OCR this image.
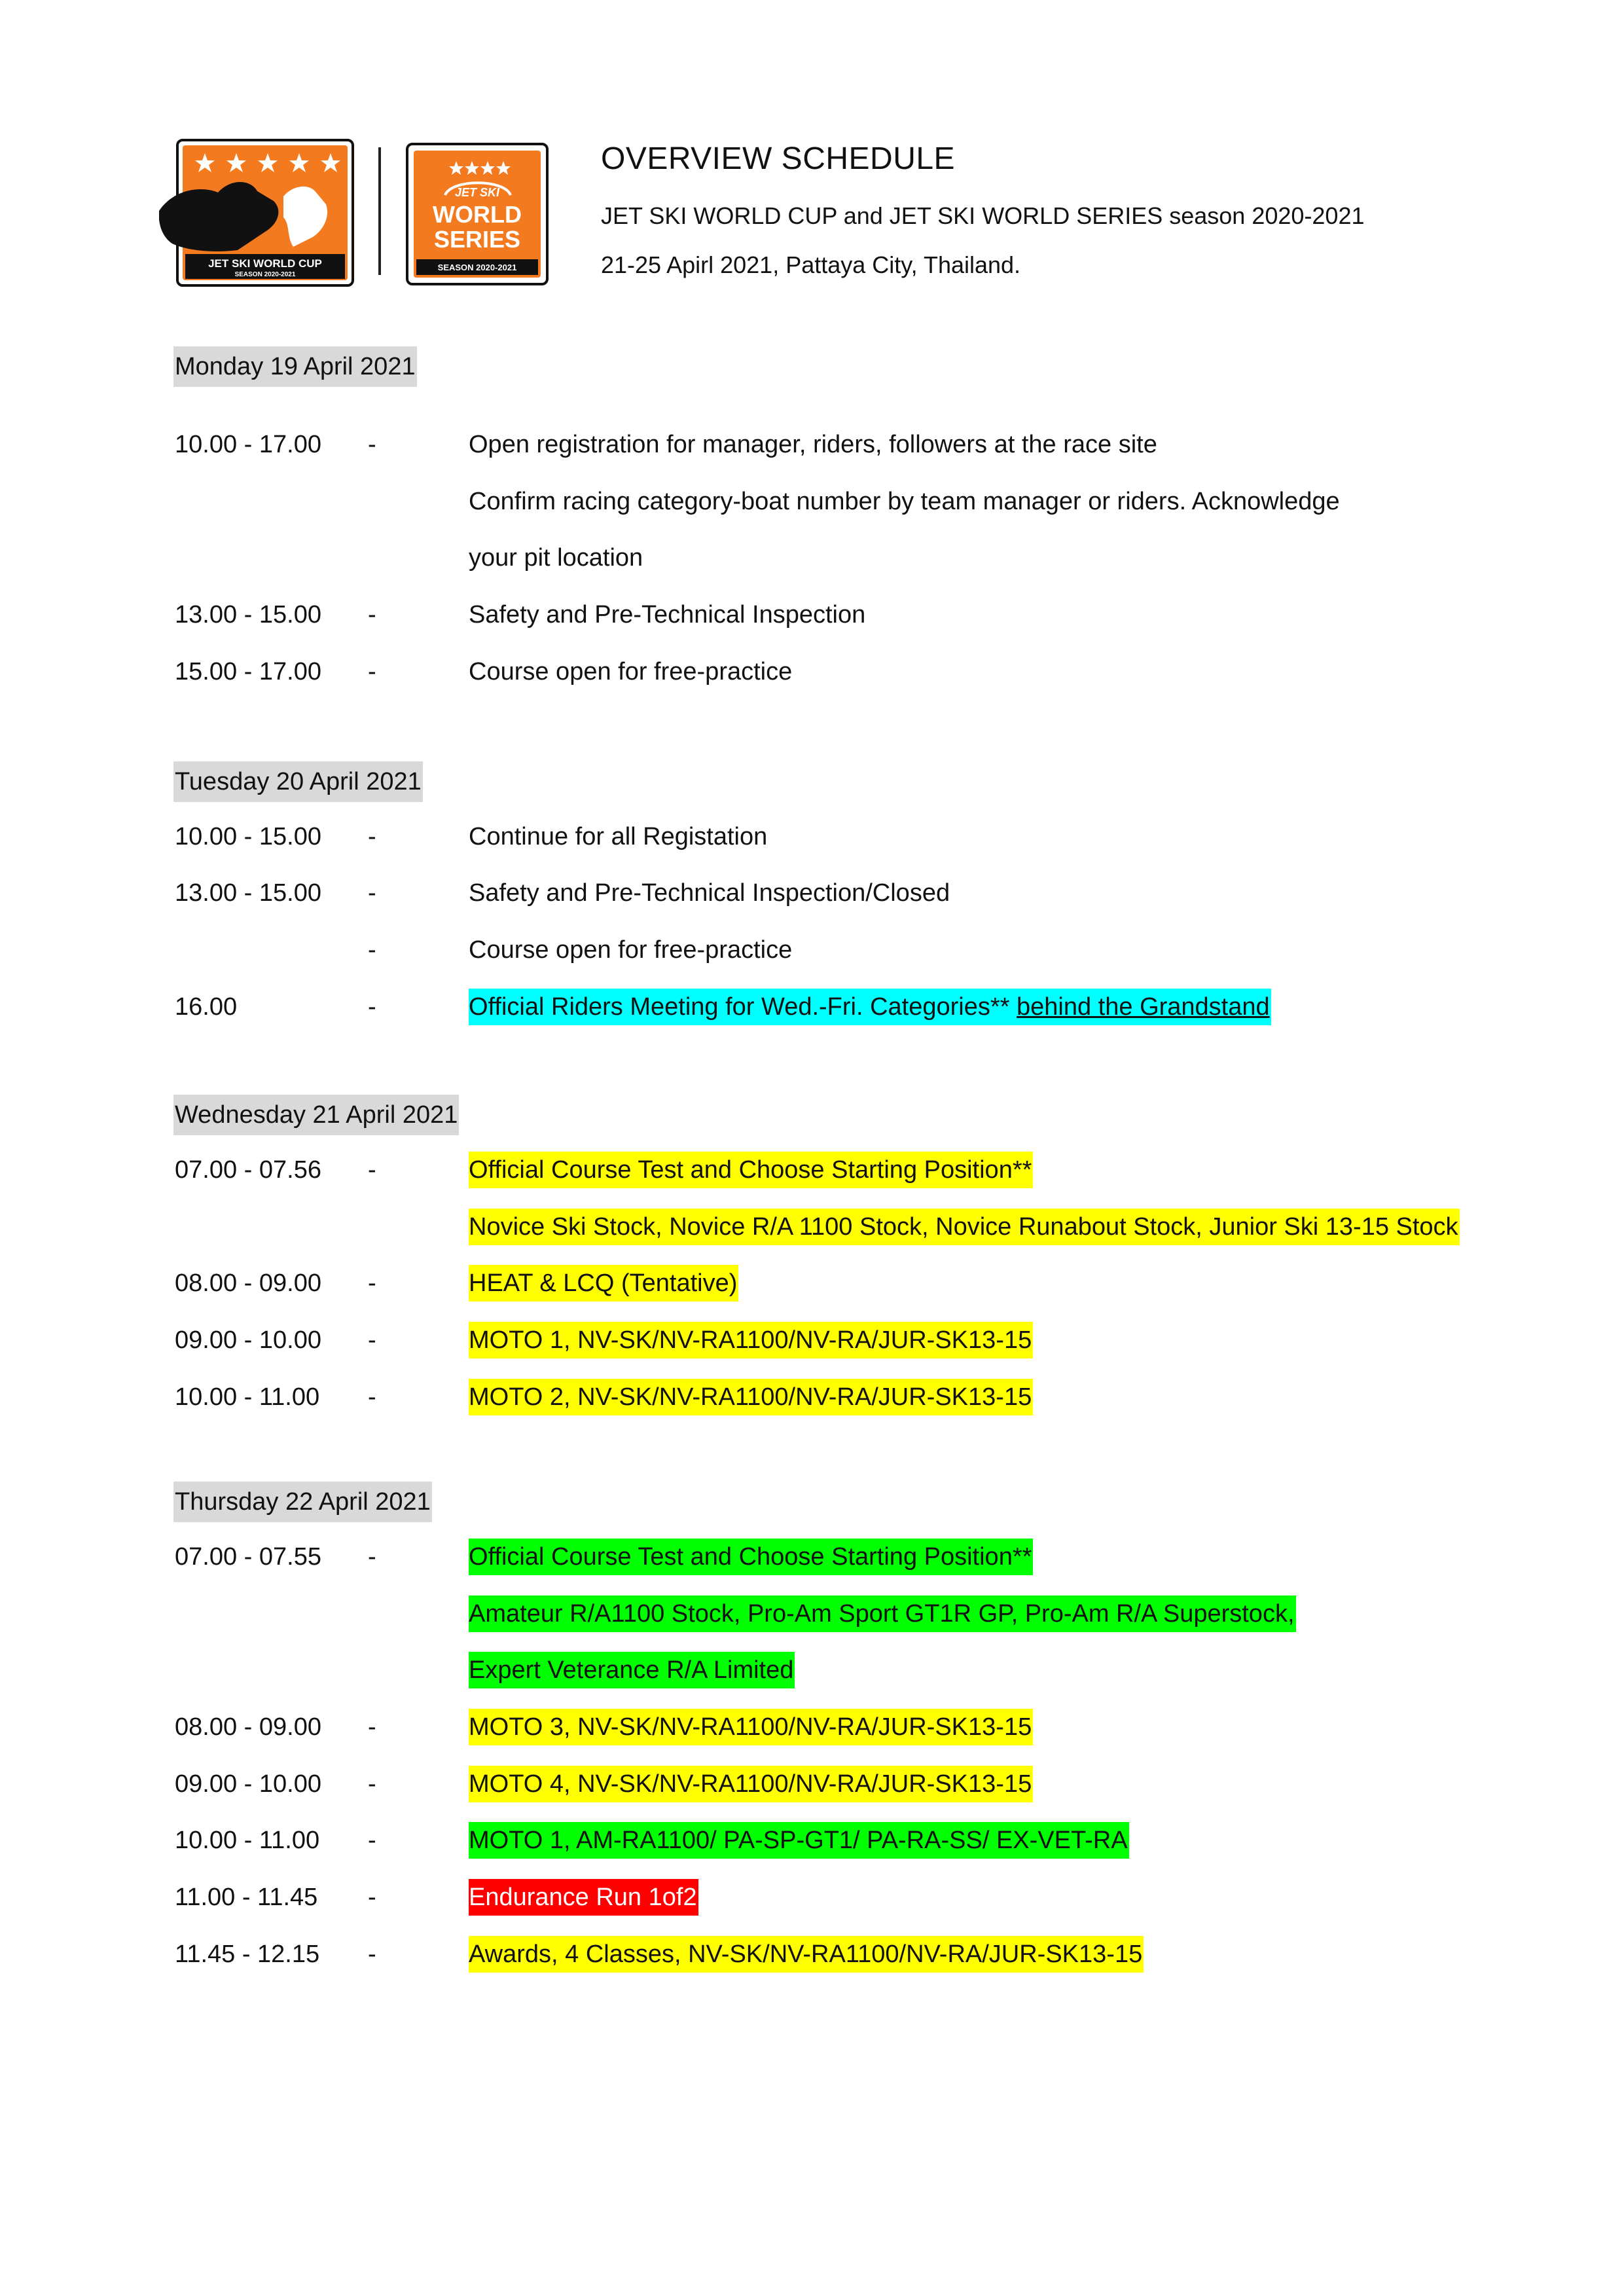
JET SKI WORLD CUP
SEASON 2020-2021
JET SKI
WORLD
SERIES
SEASON 2020-2021
OVERVIEW SCHEDULE
JET SKI WORLD CUP and JET SKI WORLD SERIES season 2020-2021
21-25 Apirl 2021, Pattaya City, Thailand.
Monday 19 April 2021
10.00 - 17.00 -	Open registration for manager, riders, followers at the race site
Confirm racing category-boat number by team manager or riders. Acknowledge
your pit location
13.00 - 15.00 -	Safety and Pre-Technical Inspection
15.00 - 17.00 -	Course open for free-practice
Tuesday 20 April 2021
10.00 - 15.00 -	Continue for all Registation
13.00 - 15.00 -	Safety and Pre-Technical Inspection/Closed
-	Course open for free-practice
16.00	-	Official Riders Meeting for Wed.-Fri. Categories** behind the Grandstand
Wednesday 21 April 2021
07.00 - 07.56 -	Official Course Test and Choose Starting Position**
Novice Ski Stock, Novice R/A 1100 Stock, Novice Runabout Stock, Junior Ski 13-15 Stock
08.00 - 09.00 -	HEAT & LCQ (Tentative)
09.00 - 10.00 -	MOTO 1, NV-SK/NV-RA1100/NV-RA/JUR-SK13-15
10.00 - 11.00 -	MOTO 2, NV-SK/NV-RA1100/NV-RA/JUR-SK13-15
Thursday 22 April 2021
07.00 - 07.55 -	Official Course Test and Choose Starting Position**
Amateur R/A1100 Stock, Pro-Am Sport GT1R GP, Pro-Am R/A Superstock,
Expert Veterance R/A Limited
08.00 - 09.00 -	MOTO 3, NV-SK/NV-RA1100/NV-RA/JUR-SK13-15
09.00 - 10.00 -	MOTO 4, NV-SK/NV-RA1100/NV-RA/JUR-SK13-15
10.00 - 11.00 -	MOTO 1, AM-RA1100/ PA-SP-GT1/ PA-RA-SS/ EX-VET-RA
11.00 - 11.45 -	Endurance Run 1of2
11.45 - 12.15 -	Awards, 4 Classes, NV-SK/NV-RA1100/NV-RA/JUR-SK13-15
